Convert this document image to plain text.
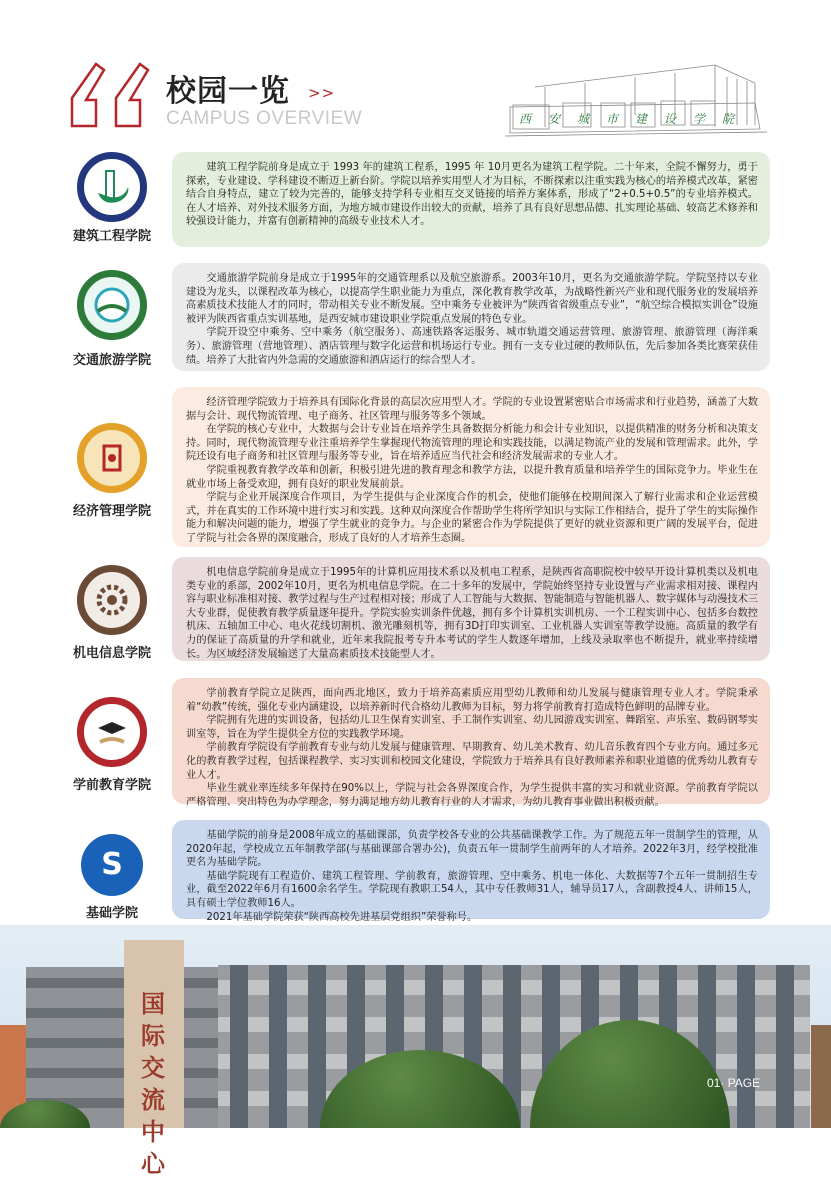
校园一览 >>
CAMPUS OVERVIEW	西安城市建设学院
建筑工程学院
交通旅游学院
经济管理学院
机电信息学院
学前教育学院
S
基础学院

建筑工程学院前身是成立于 1993 年的建筑工程系，1995 年 10月更名为建筑工程学院。二十年来，全院不懈努力，勇于探索，专业建设、学科建设不断迈上新台阶。学院以培养实用型人才为目标，不断探索以注重实践为核心的培养模式改革，紧密结合自身特点，建立了较为完善的，能够支持学科专业相互交叉链接的培养方案体系，形成了“2+0.5+0.5”的专业培养模式。在人才培养、对外技术服务方面，为地方城市建设作出较大的贡献，培养了具有良好思想品德、扎实理论基础、较高艺术修养和较强设计能力，并富有创新精神的高级专业技术人才。

交通旅游学院前身是成立于1995年的交通管理系以及航空旅游系。2003年10月，更名为交通旅游学院。学院坚持以专业建设为龙头，以课程改革为核心，以提高学生职业能力为重点，深化教育教学改革，为战略性新兴产业和现代服务业的发展培养高素质技术技能人才的同时，带动相关专业不断发展。空中乘务专业被评为“陕西省省级重点专业”，“航空综合模拟实训仓”设施被评为陕西省重点实训基地，是西安城市建设职业学院重点发展的特色专业。

学院开设空中乘务、空中乘务（航空服务）、高速铁路客运服务、城市轨道交通运营管理、旅游管理、旅游管理（海洋乘务）、旅游管理（营地管理）、酒店管理与数字化运营和机场运行专业。拥有一支专业过硬的教师队伍，先后参加各类比赛荣获佳绩。培养了大批省内外急需的交通旅游和酒店运行的综合型人才。

经济管理学院致力于培养具有国际化背景的高层次应用型人才。学院的专业设置紧密贴合市场需求和行业趋势，涵盖了大数据与会计、现代物流管理、电子商务、社区管理与服务等多个领域。

在学院的核心专业中，大数据与会计专业旨在培养学生具备数据分析能力和会计专业知识，以提供精准的财务分析和决策支持。同时，现代物流管理专业注重培养学生掌握现代物流管理的理论和实践技能，以满足物流产业的发展和管理需求。此外，学院还设有电子商务和社区管理与服务等专业，旨在培养适应当代社会和经济发展需求的专业人才。

学院重视教育教学改革和创新，积极引进先进的教育理念和教学方法，以提升教育质量和培养学生的国际竞争力。毕业生在就业市场上备受欢迎，拥有良好的职业发展前景。

学院与企业开展深度合作项目，为学生提供与企业深度合作的机会，使他们能够在校期间深入了解行业需求和企业运营模式，并在真实的工作环境中进行实习和实践。这种双向深度合作帮助学生将所学知识与实际工作相结合，提升了学生的实际操作能力和解决问题的能力，增强了学生就业的竞争力。与企业的紧密合作为学院提供了更好的就业资源和更广阔的发展平台，促进了学院与社会各界的深度融合，形成了良好的人才培养生态圈。

机电信息学院前身是成立于1995年的计算机应用技术系以及机电工程系，是陕西省高职院校中较早开设计算机类以及机电类专业的系部，2002年10月，更名为机电信息学院。在二十多年的发展中，学院始终坚持专业设置与产业需求相对接、课程内容与职业标准相对接、教学过程与生产过程相对接；形成了人工智能与大数据、智能制造与智能机器人、数字媒体与动漫技术三大专业群，促使教育教学质量逐年提升。学院实验实训条件优越，拥有多个计算机实训机房、一个工程实训中心、包括多台数控机床、五轴加工中心、电火花线切割机、激光雕刻机等，拥有3D打印实训室、工业机器人实训室等教学设施。高质量的教学有力的保证了高质量的升学和就业，近年来我院报考专升本考试的学生人数逐年增加，上线及录取率也不断提升，就业率持续增长。为区域经济发展输送了大量高素质技术技能型人才。

学前教育学院立足陕西，面向西北地区，致力于培养高素质应用型幼儿教师和幼儿发展与健康管理专业人才。学院秉承着“幼教”传统，强化专业内涵建设，以培养新时代合格幼儿教师为目标，努力将学前教育打造成特色鲜明的品牌专业。

学院拥有先进的实训设备，包括幼儿卫生保育实训室、手工制作实训室、幼儿园游戏实训室、舞蹈室、声乐室、数码钢琴实训室等，旨在为学生提供全方位的实践教学环境。

学前教育学院设有学前教育专业与幼儿发展与健康管理、早期教育、幼儿美术教育、幼儿音乐教育四个专业方向。通过多元化的教育教学过程，包括课程教学、实习实训和校园文化建设，学院致力于培养具有良好教师素养和职业道德的优秀幼儿教育专业人才。

毕业生就业率连续多年保持在90%以上，学院与社会各界深度合作，为学生提供丰富的实习和就业资源。学前教育学院以严格管理、突出特色为办学理念，努力满足地方幼儿教育行业的人才需求，为幼儿教育事业做出积极贡献。

基础学院的前身是2008年成立的基础课部，负责学校各专业的公共基础课教学工作。为了规范五年一贯制学生的管理，从2020年起，学校成立五年制教学部(与基础课部合署办公)，负责五年一贯制学生前两年的人才培养。2022年3月，经学校批准更名为基础学院。

基础学院现有工程造价、建筑工程管理、学前教育，旅游管理、空中乘务、机电一体化、大数据等7个五年一贯制招生专业，截至2022年6月有1600余名学生。学院现有教职工54人，其中专任教师31人，辅导员17人，含副教授4人、讲师15人，具有硕士学位教师16人。

2021年基础学院荣获“陕西高校先进基层党组织”荣誉称号。

国际交流中心
01· PAGE
